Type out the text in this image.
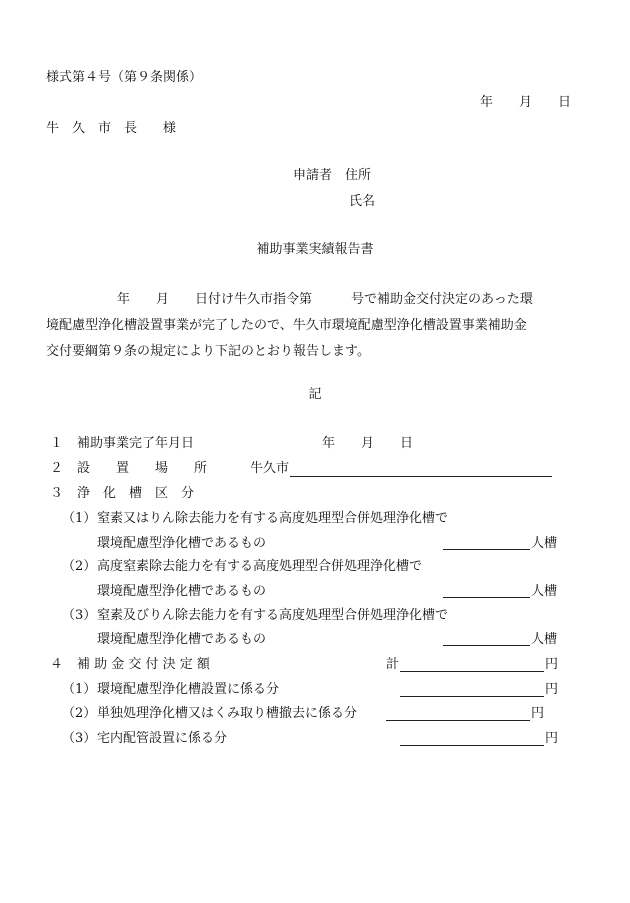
様式第４号（第９条関係）
年　　月　　日
牛　久　市　長　　様
申請者　住所
氏名
補助事業実績報告書
年　　月　　日付け牛久市指令第　　　号で補助金交付決定のあった環
境配慮型浄化槽設置事業が完了したので、牛久市環境配慮型浄化槽設置事業補助金
交付要綱第９条の規定により下記のとおり報告します。
記
１ 補助事業完了年月日	年　　月　　日
２ 設　　置　　場　　所	牛久市
３ 浄　化　槽　区　分
（1） 窒素又はりん除去能力を有する高度処理型合併処理浄化槽で
環境配慮型浄化槽であるもの	人槽
（2） 高度窒素除去能力を有する高度処理型合併処理浄化槽で
環境配慮型浄化槽であるもの	人槽
（3） 窒素及びりん除去能力を有する高度処理型合併処理浄化槽で
環境配慮型浄化槽であるもの	人槽
４ 補 助 金 交 付 決 定 額	計	円
（1） 環境配慮型浄化槽設置に係る分	円
（2） 単独処理浄化槽又はくみ取り槽撤去に係る分	円
（3） 宅内配管設置に係る分	円
